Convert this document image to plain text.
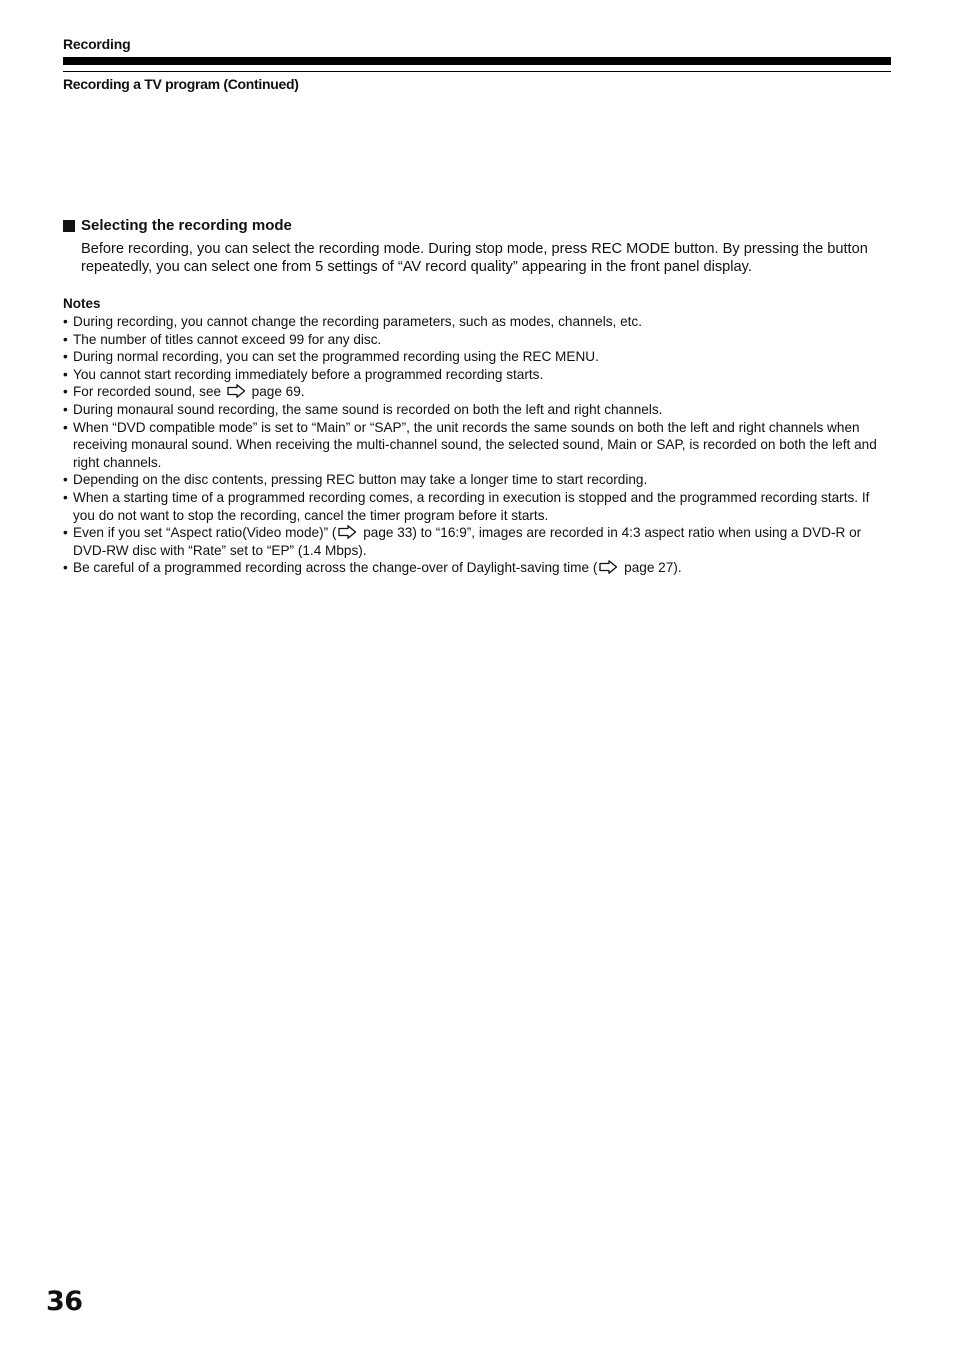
Recording
Recording a TV program (Continued)
Selecting the recording mode
Before recording, you can select the recording mode. During stop mode, press REC MODE button. By pressing the button repeatedly, you can select one from 5 settings of “AV record quality” appearing in the front panel display.
Notes
• During recording, you cannot change the recording parameters, such as modes, channels, etc.
• The number of titles cannot exceed 99 for any disc.
• During normal recording, you can set the programmed recording using the REC MENU.
• You cannot start recording immediately before a programmed recording starts.
• For recorded sound, see  page 69.
• During monaural sound recording, the same sound is recorded on both the left and right channels.
• When “DVD compatible mode” is set to “Main” or “SAP”, the unit records the same sounds on both the left and right channels when receiving monaural sound. When receiving the multi-channel sound, the selected sound, Main or SAP, is recorded on both the left and right channels.
• Depending on the disc contents, pressing REC button may take a longer time to start recording.
• When a starting time of a programmed recording comes, a recording in execution is stopped and the programmed recording starts. If you do not want to stop the recording, cancel the timer program before it starts.
• Even if you set “Aspect ratio(Video mode)” ( page 33) to “16:9”, images are recorded in 4:3 aspect ratio when using a DVD-R or DVD-RW disc with “Rate” set to “EP” (1.4 Mbps).
• Be careful of a programmed recording across the change-over of Daylight-saving time ( page 27).
36
